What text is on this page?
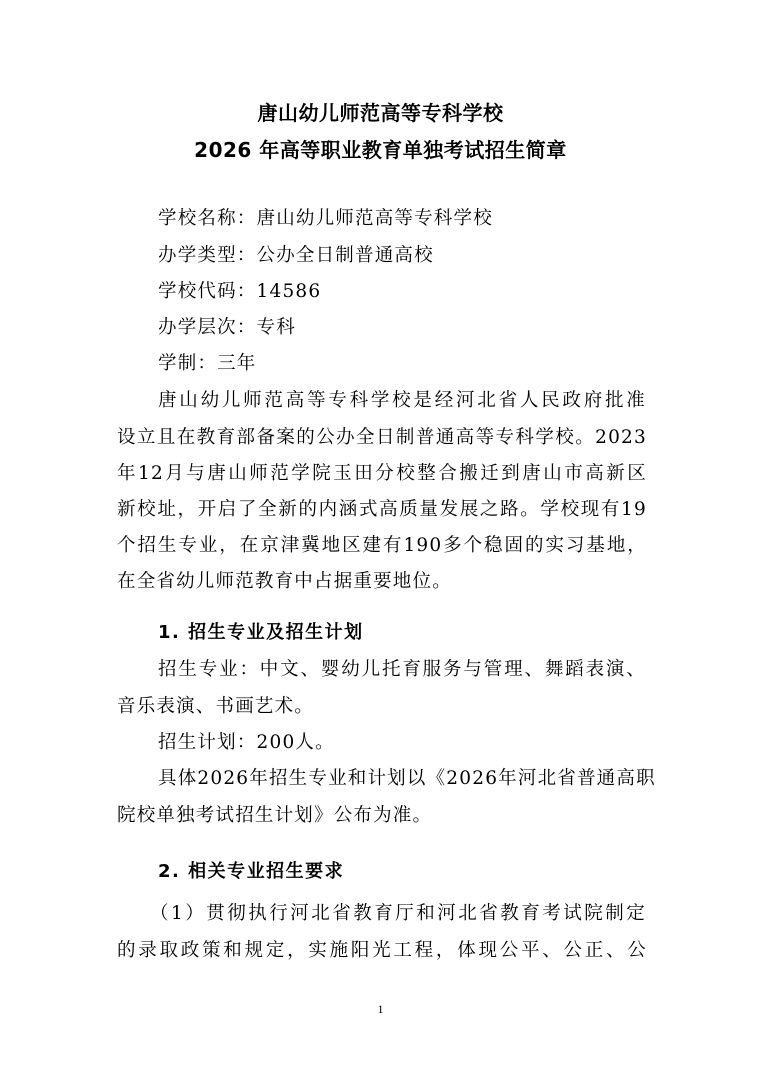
唐山幼儿师范高等专科学校
2026 年高等职业教育单独考试招生简章
学校名称：唐山幼儿师范高等专科学校
办学类型：公办全日制普通高校
学校代码：14586
办学层次：专科
学制：三年
唐山幼儿师范高等专科学校是经河北省人民政府批准
设立且在教育部备案的公办全日制普通高等专科学校。2023
年12月与唐山师范学院玉田分校整合搬迁到唐山市高新区
新校址，开启了全新的内涵式高质量发展之路。学校现有19
个招生专业，在京津冀地区建有190多个稳固的实习基地，
在全省幼儿师范教育中占据重要地位。
1. 招生专业及招生计划
招生专业：中文、婴幼儿托育服务与管理、舞蹈表演、
音乐表演、书画艺术。
招生计划：200人。
具体2026年招生专业和计划以《2026年河北省普通高职
院校单独考试招生计划》公布为准。
2. 相关专业招生要求
（1）贯彻执行河北省教育厅和河北省教育考试院制定
的录取政策和规定，实施阳光工程，体现公平、公正、公
1
